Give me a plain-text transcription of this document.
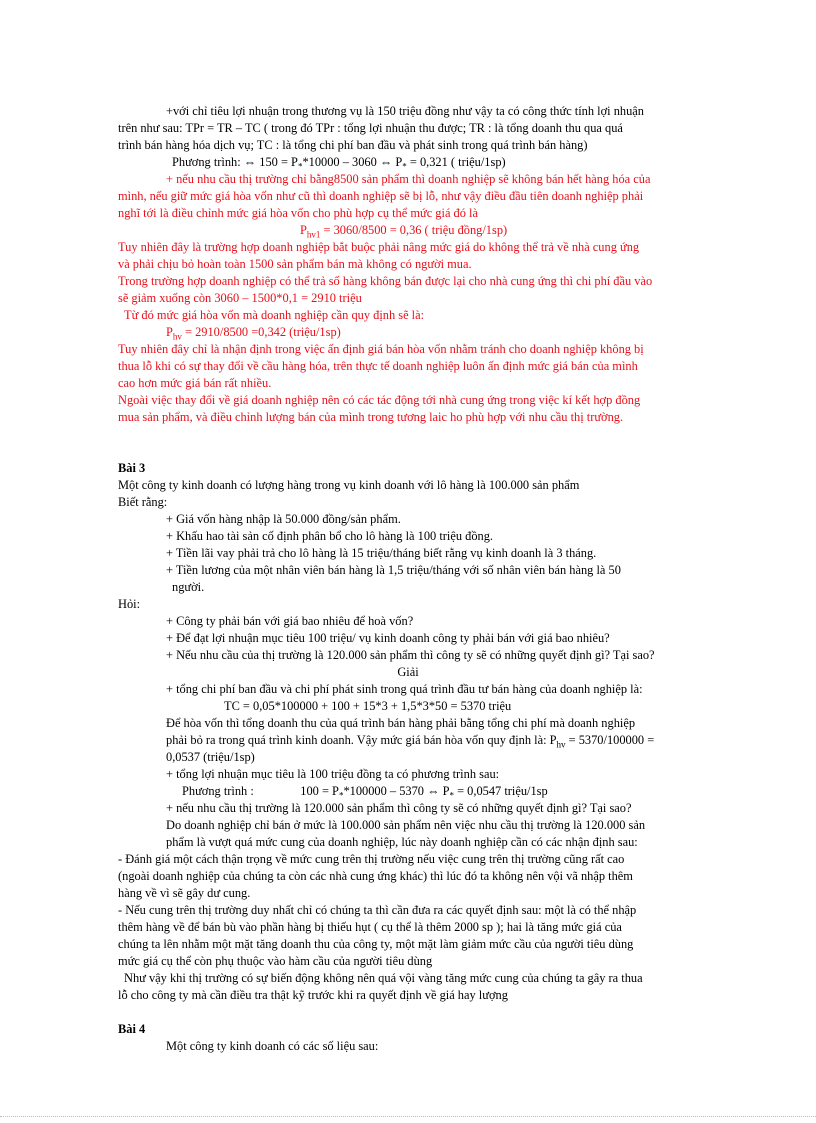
+với chỉ tiêu lợi nhuận trong thương vụ là 150 triệu đồng như vậy ta có công thức tính lợi nhuận

trên như sau: TPr = TR – TC ( trong đó TPr : tổng lợi nhuận thu được; TR : là tổng doanh thu qua quá

trình bán hàng hóa dịch vụ; TC : là tổng chi phí ban đầu và phát sinh trong quá trình bán hàng)

Phương trình: ⇔ $150 = P_**10000 - 3060$ ⇔ $P_* = 0,321$ ( triệu/1sp)

+ nếu nhu cầu thị trường chỉ bằng8500 sản phẩm thì doanh nghiệp sẽ không bán hết hàng hóa của

mình, nếu giữ mức giá hòa vốn như cũ thì doanh nghiệp sẽ bị lỗ, như vậy điều đầu tiên doanh nghiệp phải

nghĩ tới là điều chỉnh mức giá hòa vốn cho phù hợp cụ thể mức giá đó là

$P_{hv1} = 3060/8500 = 0,36$ ( triệu đồng/1sp)

Tuy nhiên đây là trường hợp doanh nghiệp bắt buộc phải nâng mức giá do không thể trả về nhà cung ứng

và phải chịu bỏ hoàn toàn 1500 sản phẩm bán mà không có người mua.

Trong trường hợp doanh nghiệp có thể trả số hàng không bán được lại cho nhà cung ứng thì chi phí đầu vào

sẽ giảm xuống còn 3060 – 1500*0,1 = 2910 triệu

Từ đó mức giá hòa vốn mà doanh nghiệp cần quy định sẽ là:

$P_{hv} = 2910/8500 =0,342$ (triệu/1sp)

Tuy nhiên đây chỉ là nhận định trong việc ấn định giá bán hòa vốn nhằm tránh cho doanh nghiệp không bị

thua lỗ khi có sự thay đổi về cầu hàng hóa, trên thực tế doanh nghiệp luôn ấn định mức giá bán của mình

cao hơn mức giá bán rất nhiều.

Ngoài việc thay đổi về giá doanh nghiệp nên có các tác động tới nhà cung ứng trong việc kí kết hợp đồng

mua sản phẩm, và điều chỉnh lượng bán của mình trong tương laic ho phù hợp với nhu cầu thị trường.

Bài 3

Một công ty kinh doanh có lượng hàng trong vụ kinh doanh với lô hàng là 100.000 sản phẩm

Biết rằng:

+ Giá vốn hàng nhập là 50.000 đồng/sản phẩm.

+ Khấu hao tài sản cố định phân bổ cho lô hàng là 100 triệu đồng.

+ Tiền lãi vay phải trả cho lô hàng là 15 triệu/tháng biết rằng vụ kinh doanh là 3 tháng.

+ Tiền lương của một nhân viên bán hàng là 1,5 triệu/tháng với số nhân viên bán hàng là 50

người.

Hỏi:

+ Công ty phải bán với giá bao nhiêu để hoà vốn?

+ Để đạt lợi nhuận mục tiêu 100 triệu/ vụ kinh doanh công ty phải bán với giá bao nhiêu?

+ Nếu nhu cầu của thị trường là 120.000 sản phẩm thì công ty sẽ có những quyết định gì? Tại sao?

Giải

+ tổng chi phí ban đầu và chi phí phát sinh trong quá trình đầu tư bán hàng của doanh nghiệp là:

TC = 0,05*100000 + 100 + 15*3 + 1,5*3*50 = 5370 triệu

Để hòa vốn thì tổng doanh thu của quá trình bán hàng phải bằng tổng chi phí mà doanh nghiệp

phải bỏ ra trong quá trình kinh doanh. Vậy mức giá bán hòa vốn quy định là: $P_{hv} = 5370/100000$ =

0,0537 (triệu/1sp)

+ tổng lợi nhuận mục tiêu là 100 triệu đồng ta có phương trình sau:

Phương trình :	$100 = P_**100000 - 5370$ ⇔ $P_* = 0,0547$ triệu/1sp

+ nếu nhu cầu thị trường là 120.000 sản phẩm thì công ty sẽ có những quyết định gì? Tại sao?

Do doanh nghiệp chỉ bán ở mức là 100.000 sản phẩm nên việc nhu cầu thị trường là 120.000 sản

phẩm là vượt quá mức cung của doanh nghiệp, lúc này doanh nghiệp cần có các nhận định sau:

- Đánh giá một cách thận trọng về mức cung trên thị trường nếu việc cung trên thị trường cũng rất cao

(ngoài doanh nghiệp của chúng ta còn các nhà cung ứng khác) thì lúc đó ta không nên vội vã nhập thêm

hàng về vì sẽ gây dư cung.

- Nếu cung trên thị trường duy nhất chỉ có chúng ta thì cần đưa ra các quyết định sau: một là có thể nhập

thêm hàng về để bán bù vào phần hàng bị thiếu hụt ( cụ thể là thêm 2000 sp ); hai là tăng mức giá của

chúng ta lên nhằm một mặt tăng doanh thu của công ty, một mặt làm giảm mức cầu của người tiêu dùng

mức giá cụ thể còn phụ thuộc vào hàm cầu của người tiêu dùng

Như vậy khi thị trường có sự biến động không nên quá vội vàng tăng mức cung của chúng ta gây ra thua

lỗ cho công ty mà cần điều tra thật kỹ trước khi ra quyết định về giá hay lượng

Bài 4

Một công ty kinh doanh có các số liệu sau:
